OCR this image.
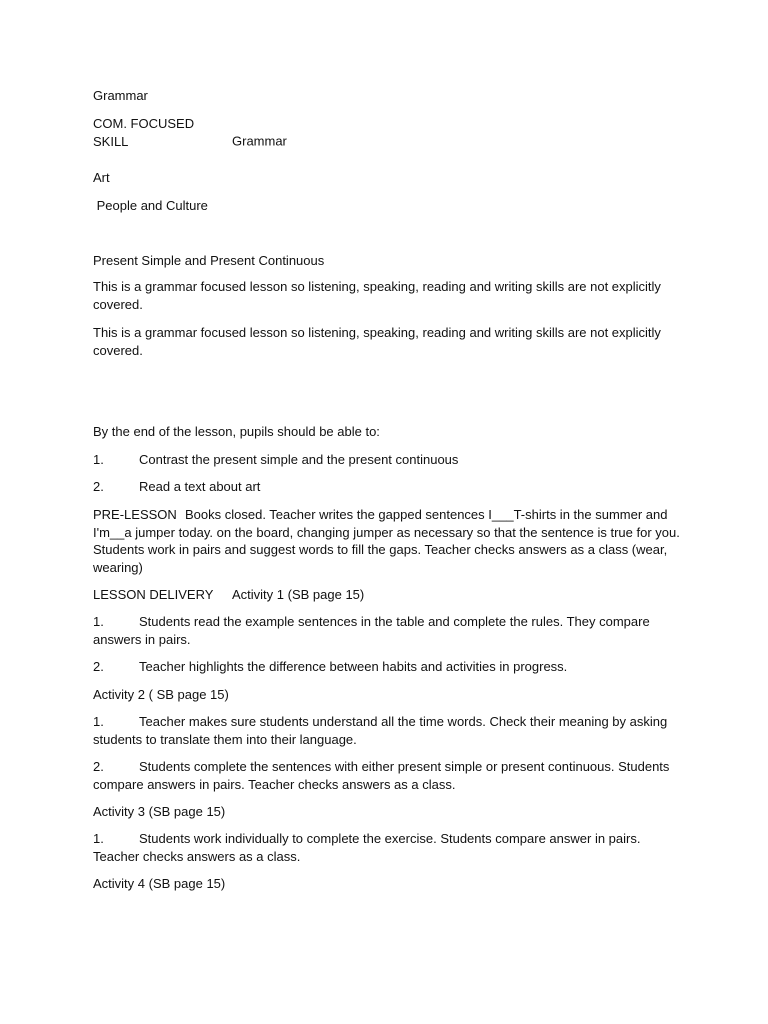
Grammar

COM. FOCUSED SKILL	Grammar

Art

People and Culture

Present Simple and Present Continuous

This is a grammar focused lesson so listening, speaking, reading and writing skills are not explicitly covered.

This is a grammar focused lesson so listening, speaking, reading and writing skills are not explicitly covered.

By the end of the lesson, pupils should be able to:

1.	Contrast the present simple and the present continuous

2.	Read a text about art

PRE-LESSON Books closed. Teacher writes the gapped sentences I___T-shirts in the summer and I'm__a jumper today. on the board, changing jumper as necessary so that the sentence is true for you. Students work in pairs and suggest words to fill the gaps. Teacher checks answers as a class (wear, wearing)

LESSON DELIVERY Activity 1 (SB page 15)

1.	Students read the example sentences in the table and complete the rules. They compare answers in pairs.

2.	Teacher highlights the difference between habits and activities in progress.

Activity 2 ( SB page 15)

1.	Teacher makes sure students understand all the time words. Check their meaning by asking students to translate them into their language.

2.	Students complete the sentences with either present simple or present continuous. Students compare answers in pairs. Teacher checks answers as a class.

Activity 3 (SB page 15)

1.	Students work individually to complete the exercise. Students compare answer in pairs. Teacher checks answers as a class.

Activity 4 (SB page 15)
